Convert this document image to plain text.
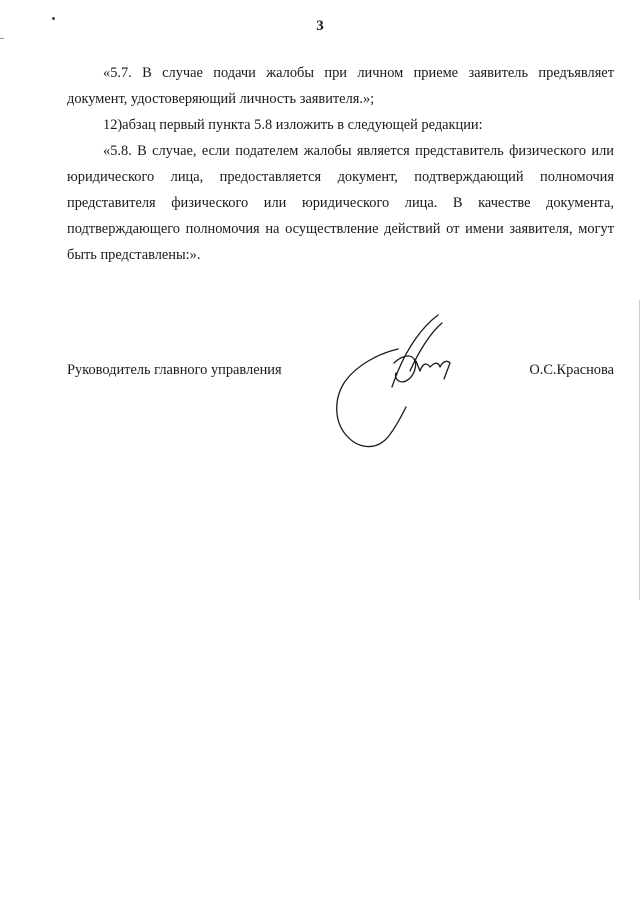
3

«5.7. В случае подачи жалобы при личном приеме заявитель предъявляет документ, удостоверяющий личность заявителя.»;

12)абзац первый пункта 5.8 изложить в следующей редакции:

«5.8. В случае, если подателем жалобы является представитель физического или юридического лица, предоставляется документ, подтверждающий полномочия представителя физического или юридического лица. В качестве документа, подтверждающего полномочия на осуществление действий от имени заявителя, могут быть представлены:».

Руководитель главного управления	О.С.Краснова
